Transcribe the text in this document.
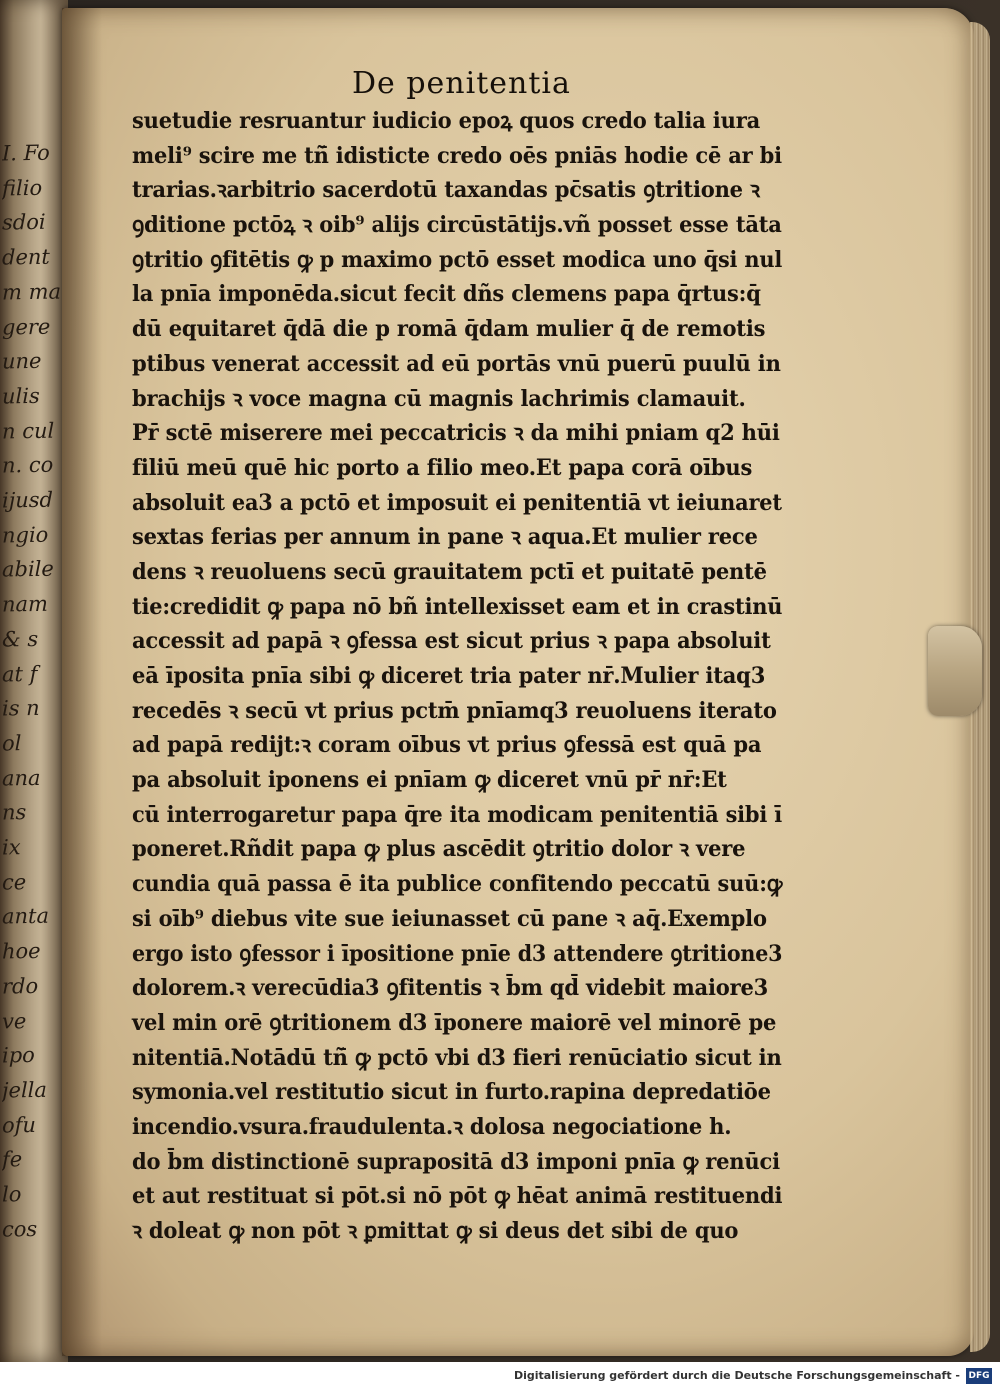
I. Fo
filio
sdoi
dent
m ma
gere
une
ulis
n cul
n. co
ijusd
ngio
abile
nam
& s
at f
is n
ol
ana
ns
ix
ce
anta
hoe
rdo
ve
ipo
jella
ofu
fe
lo
cos
De penitentia
suetudie resruantur iudicio epoꝝ quos credo talia iura
meli⁹ scire me tñ̄ idisticte credo oēs pniās hodie cē ar bi
trarias.ꝛarbitrio sacerdotū taxandas pc̄satis ꝯtritione ꝛ
ꝯditione pctōꝝ ꝛ oib⁹ alijs circūstātijs.vñ posset esse tāta
ꝯtritio ꝯfitētis ꝙ p maximo pctō esset modica uno q̄si nul
la pnīa imponēda.sicut fecit dñs clemens papa q̄rtus:q̄
dū equitaret q̄dā die p romā q̄dam mulier q̄ de remotis
ptibus venerat accessit ad eū portās vnū puerū puulū in
brachijs ꝛ voce magna cū magnis lachrimis clamauit.
Pr̄ sctē miserere mei peccatricis ꝛ da mihi pniam q2 hūi
filiū meū quē hic porto a filio meo.Et papa corā oībus
absoluit ea3 a pctō et imposuit ei penitentiā vt ieiunaret
sextas ferias per annum in pane ꝛ aqua.Et mulier rece
dens ꝛ reuoluens secū grauitatem pctī et puitatē pentē
tie:credidit ꝙ papa nō bñ intellexisset eam et in crastinū
accessit ad papā ꝛ ꝯfessa est sicut prius ꝛ papa absoluit
eā īposita pnīa sibi ꝙ diceret tria pater nr̄.Mulier itaq3
recedēs ꝛ secū vt prius pctm̄ pnīamq3 reuoluens iterato
ad papā redijt:ꝛ coram oībus vt prius ꝯfessā est quā pa
pa absoluit iponens ei pnīam ꝙ diceret vnū pr̄ nr̄:Et
cū interrogaretur papa q̄re ita modicam penitentiā sibi ī
poneret.Rñdit papa ꝙ plus ascēdit ꝯtritio dolor ꝛ vere
cundia quā passa ē ita publice confitendo peccatū suū:ꝙ
si oīb⁹ diebus vite sue ieiunasset cū pane ꝛ aq̄.Exemplo
ergo isto ꝯfessor i īpositione pnīe d3 attendere ꝯtritione3
dolorem.ꝛ verecūdia3 ꝯfitentis ꝛ b̄m qd̄ videbit maiore3
vel min orē ꝯtritionem d3 īponere maiorē vel minorē pe
nitentiā.Notādū tñ̄ ꝙ pctō vbi d3 fieri renūciatio sicut in
symonia.vel restitutio sicut in furto.rapina depredatiōe
incendio.vsura.fraudulenta.ꝛ dolosa negociatione h.
do b̄m distinctionē suprapositā d3 imponi pnīa ꝙ renūci
et aut restituat si pōt.si nō pōt ꝙ hēat animā restituendi
ꝛ doleat ꝙ non pōt ꝛ ꝑmittat ꝙ si deus det sibi de quo
Digitalisierung gefördert durch die Deutsche Forschungsgemeinschaft - DFG
